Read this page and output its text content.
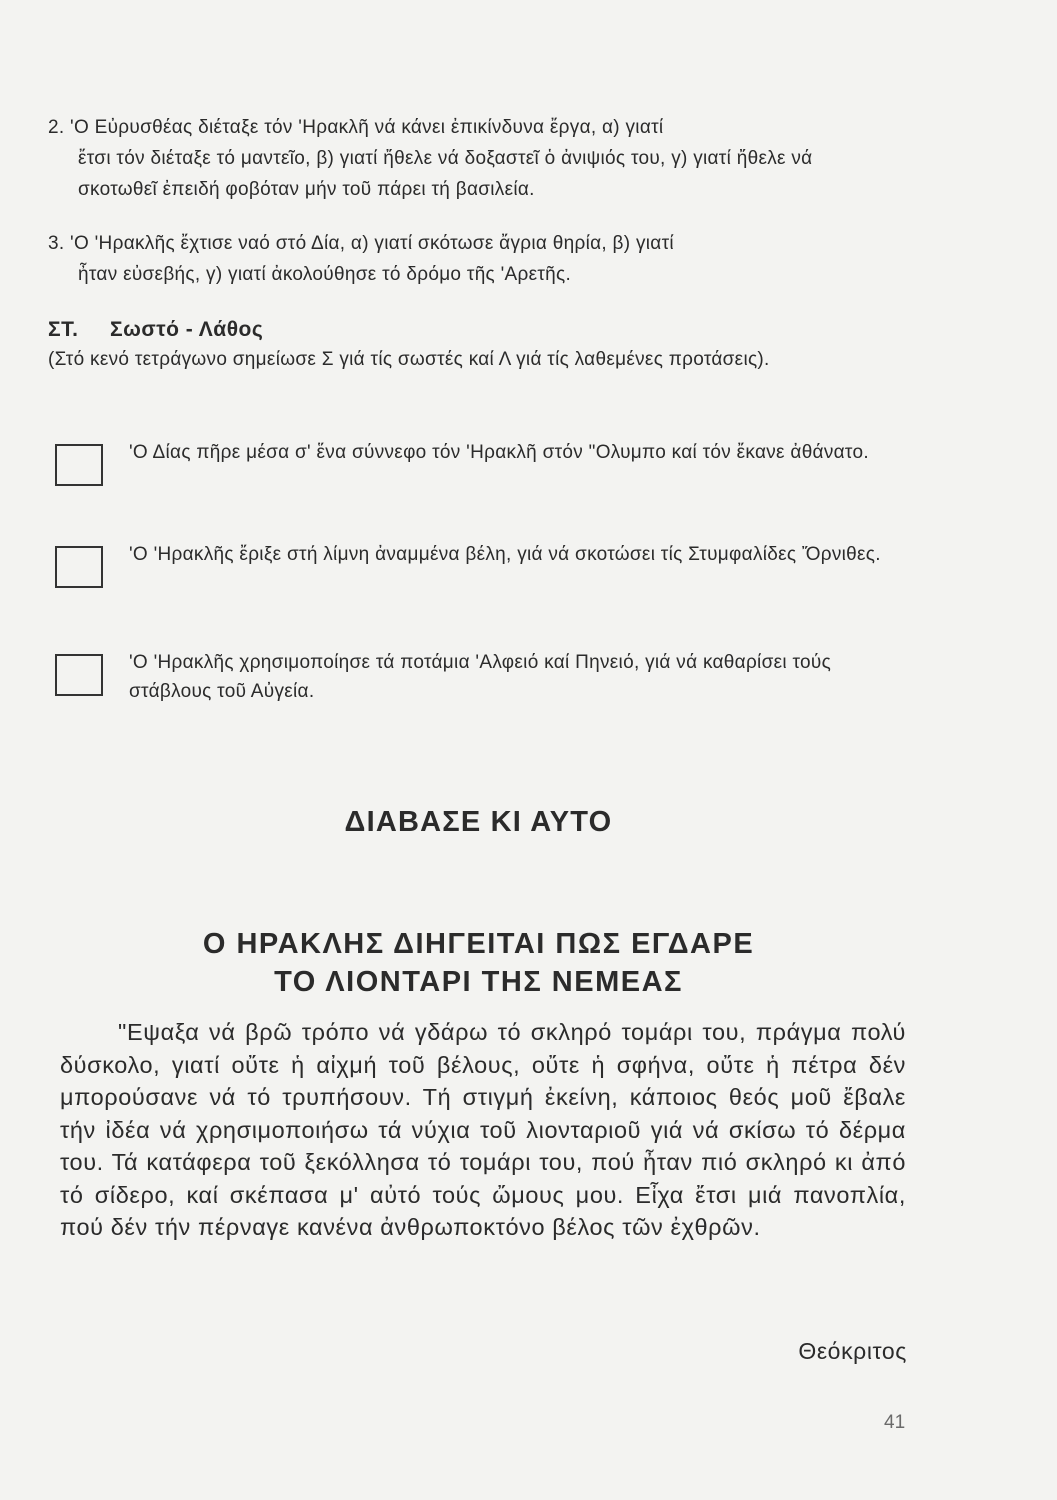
2. 'Ο Εὐρυσθέας διέταξε τόν 'Ηρακλῆ νά κάνει ἐπικίνδυνα ἔργα, α) γιατί
ἔτσι τόν διέταξε τό μαντεῖο, β) γιατί ἤθελε νά δοξαστεῖ ὁ ἀνιψιός του, γ) γιατί ἤθελε νά σκοτωθεῖ ἐπειδή φοβόταν μήν τοῦ πάρει τή βασιλεία.
3. 'Ο 'Ηρακλῆς ἔχτισε ναό στό Δία, α) γιατί σκότωσε ἄγρια θηρία, β) γιατί
ἦταν εὐσεβής, γ) γιατί ἀκολούθησε τό δρόμο τῆς 'Αρετῆς.
ΣΤ. Σωστό - Λάθος
(Στό κενό τετράγωνο σημείωσε Σ γιά τίς σωστές καί Λ γιά τίς λαθεμένες προτάσεις).
'Ο Δίας πῆρε μέσα σ' ἕνα σύννεφο τόν 'Ηρακλῆ στόν "Ολυμπο καί τόν ἔκανε ἀθάνατο.
'Ο 'Ηρακλῆς ἔριξε στή λίμνη ἀναμμένα βέλη, γιά νά σκοτώσει τίς Στυμφαλίδες Ὄρνιθες.
'Ο 'Ηρακλῆς χρησιμοποίησε τά ποτάμια 'Αλφειό καί Πηνειό, γιά νά καθαρίσει τούς στάβλους τοῦ Αὐγεία.
ΔΙΑΒΑΣΕ ΚΙ ΑΥΤΟ
Ο ΗΡΑΚΛΗΣ ΔΙΗΓΕΙΤΑΙ ΠΩΣ ΕΓΔΑΡΕ
ΤΟ ΛΙΟΝΤΑΡΙ ΤΗΣ ΝΕΜΕΑΣ
"Εψαξα νά βρῶ τρόπο νά γδάρω τό σκληρό τομάρι του, πράγμα πολύ δύσκολο, γιατί οὔτε ἡ αἰχμή τοῦ βέλους, οὔτε ἡ σφήνα, οὔτε ἡ πέτρα δέν μπορούσανε νά τό τρυπήσουν. Τή στιγμή ἐκείνη, κάποιος θεός μοῦ ἔβαλε τήν ἰδέα νά χρησιμοποιήσω τά νύχια τοῦ λιονταριοῦ γιά νά σκίσω τό δέρμα του. Τά κατάφερα τοῦ ξεκόλλησα τό τομάρι του, πού ἦταν πιό σκληρό κι ἀπό τό σίδερο, καί σκέπασα μ' αὐτό τούς ὤμους μου. Εἶχα ἔτσι μιά πανοπλία, πού δέν τήν πέρναγε κανένα ἀνθρωποκτόνο βέλος τῶν ἐχθρῶν.
Θεόκριτος
41
